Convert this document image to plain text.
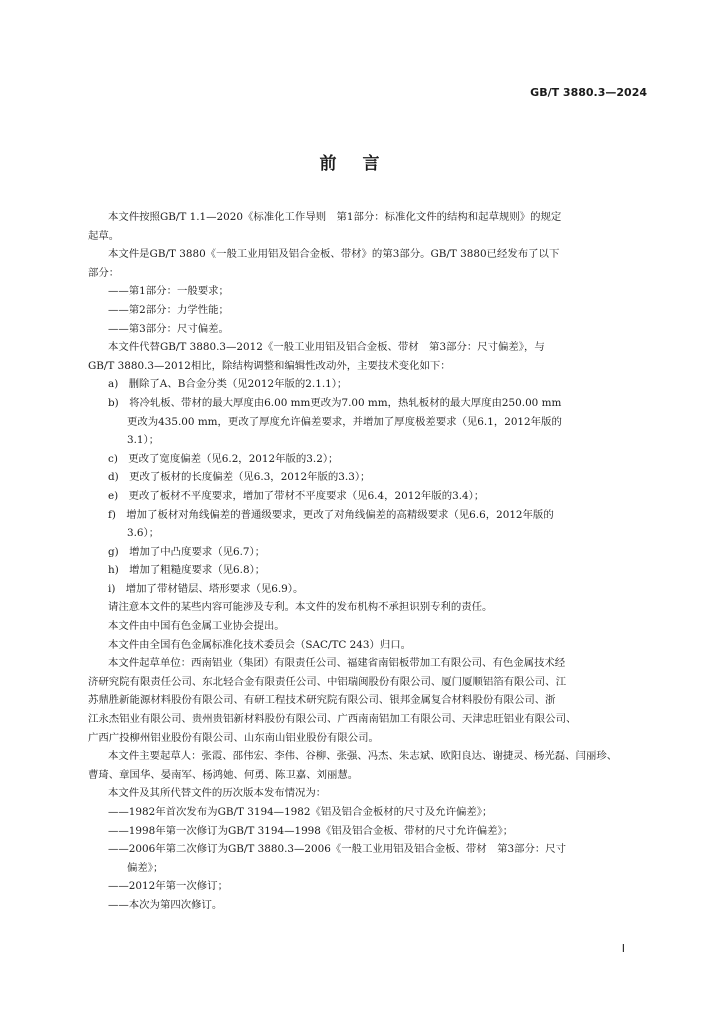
GB/T 3880.3—2024
前言
本文件按照GB/T 1.1—2020《标准化工作导则　第1部分：标准化文件的结构和起草规则》的规定
起草。
本文件是GB/T 3880《一般工业用铝及铝合金板、带材》的第3部分。GB/T 3880已经发布了以下
部分：
——第1部分：一般要求；
——第2部分：力学性能；
——第3部分：尺寸偏差。
本文件代替GB/T 3880.3—2012《一般工业用铝及铝合金板、带材　第3部分：尺寸偏差》，与
GB/T 3880.3—2012相比，除结构调整和编辑性改动外，主要技术变化如下：
a)　删除了A、B合金分类（见2012年版的2.1.1）；
b)　将冷轧板、带材的最大厚度由6.00 mm更改为7.00 mm，热轧板材的最大厚度由250.00 mm
更改为435.00 mm，更改了厚度允许偏差要求，并增加了厚度极差要求（见6.1，2012年版的
3.1）；
c)　更改了宽度偏差（见6.2，2012年版的3.2）；
d)　更改了板材的长度偏差（见6.3，2012年版的3.3）；
e)　更改了板材不平度要求，增加了带材不平度要求（见6.4，2012年版的3.4）；
f)　增加了板材对角线偏差的普通级要求，更改了对角线偏差的高精级要求（见6.6，2012年版的
3.6）；
g)　增加了中凸度要求（见6.7）；
h)　增加了粗糙度要求（见6.8）；
i)　增加了带材错层、塔形要求（见6.9）。
请注意本文件的某些内容可能涉及专利。本文件的发布机构不承担识别专利的责任。
本文件由中国有色金属工业协会提出。
本文件由全国有色金属标准化技术委员会（SAC/TC 243）归口。
本文件起草单位：西南铝业（集团）有限责任公司、福建省南铝板带加工有限公司、有色金属技术经
济研究院有限责任公司、东北轻合金有限责任公司、中铝瑞闽股份有限公司、厦门厦顺铝箔有限公司、江
苏鼎胜新能源材料股份有限公司、有研工程技术研究院有限公司、银邦金属复合材料股份有限公司、浙
江永杰铝业有限公司、贵州贵铝新材料股份有限公司、广西南南铝加工有限公司、天津忠旺铝业有限公司、
广西广投柳州铝业股份有限公司、山东南山铝业股份有限公司。
本文件主要起草人：张霞、邵伟宏、李伟、谷柳、张强、冯杰、朱志斌、欧阳良达、谢捷灵、杨光磊、闫丽珍、
曹琦、章国华、晏南军、杨鸿她、何勇、陈卫嘉、刘丽慧。
本文件及其所代替文件的历次版本发布情况为：
——1982年首次发布为GB/T 3194—1982《铝及铝合金板材的尺寸及允许偏差》；
——1998年第一次修订为GB/T 3194—1998《铝及铝合金板、带材的尺寸允许偏差》；
——2006年第二次修订为GB/T 3880.3—2006《一般工业用铝及铝合金板、带材　第3部分：尺寸
偏差》；
——2012年第一次修订；
——本次为第四次修订。
I
